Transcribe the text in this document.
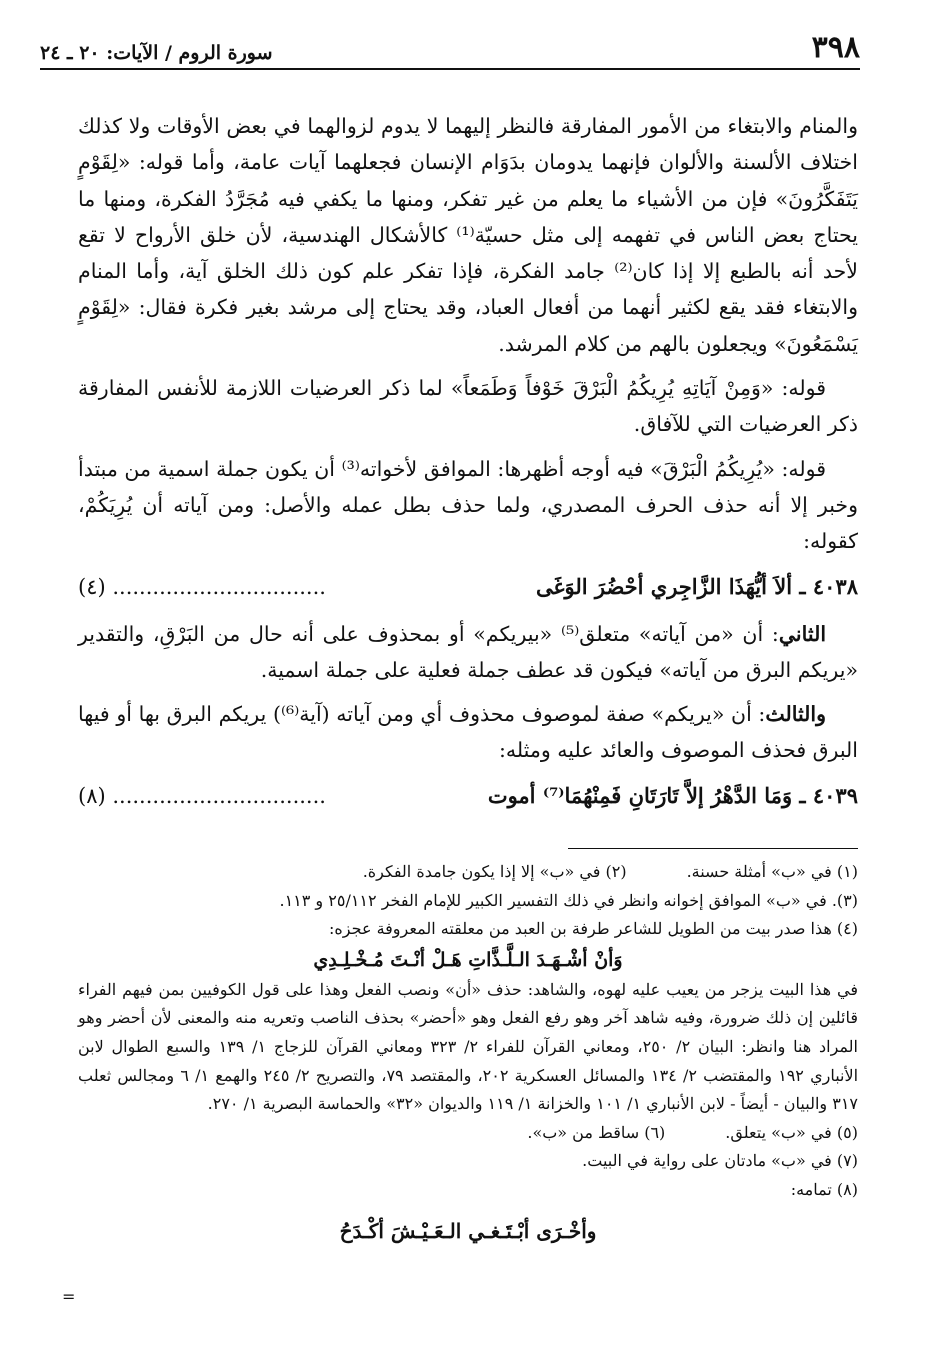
٣٩٨
سورة الروم / الآيات: ٢٠ ـ ٢٤

والمنام والابتغاء من الأمور المفارقة فالنظر إليهما لا يدوم لزوالهما في بعض الأوقات ولا كذلك اختلاف الألسنة والألوان فإنهما يدومان بدَوَام الإنسان فجعلهما آيات عامة، وأما قوله: «لِقَوْمٍ يَتَفَكَّرُونَ» فإن من الأشياء ما يعلم من غير تفكر، ومنها ما يكفي فيه مُجَرَّدُ الفكرة، ومنها ما يحتاج بعض الناس في تفهمه إلى مثل حسيّة⁽¹⁾ كالأشكال الهندسية، لأن خلق الأرواح لا تقع لأحد أنه بالطبع إلا إذا كان⁽²⁾ جامد الفكرة، فإذا تفكر علم كون ذلك الخلق آية، وأما المنام والابتغاء فقد يقع لكثير أنهما من أفعال العباد، وقد يحتاج إلى مرشد بغير فكرة فقال: «لِقَوْمٍ يَسْمَعُونَ» ويجعلون بالهم من كلام المرشد.

قوله: «وَمِنْ آيَاتِهِ يُرِيكُمُ الْبَرْقَ خَوْفاً وَطَمَعاً» لما ذكر العرضيات اللازمة للأنفس المفارقة ذكر العرضيات التي للآفاق.

قوله: «يُرِيكُمُ الْبَرْقَ» فيه أوجه أظهرها: الموافق لأخواته⁽³⁾ أن يكون جملة اسمية من مبتدأ وخبر إلا أنه حذف الحرف المصدري، ولما حذف بطل عمله والأصل: ومن آياته أن يُرِيَكُمْ، كقوله:

٤٠٣٨ ـ ألاَ أيُّهَذَا الزَّاجِري أحْضُرَ الوَغَى
(٤) ................................

الثاني: أن «من آياته» متعلق⁽⁵⁾ «بيريكم» أو بمحذوف على أنه حال من البَرْقِ، والتقدير «يريكم البرق من آياته» فيكون قد عطف جملة فعلية على جملة اسمية.

والثالث: أن «يريكم» صفة لموصوف محذوف أي ومن آياته (آية⁽⁶⁾) يريكم البرق بها أو فيها البرق فحذف الموصوف والعائد عليه ومثله:

٤٠٣٩ ـ وَمَا الدَّهْرُ إلاَّ تَارَتَانِ فَمِنْهُمَا⁽⁷⁾ أموت
(٨) ................................

(١) في «ب» أمثلة حسنة.

(٢) في «ب» إلا إذا يكون جامدة الفكرة.

(٣). في «ب» الموافق إخوانه وانظر في ذلك التفسير الكبير للإمام الفخر ٢٥/١١٢ و ١١٣.

(٤) هذا صدر بيت من الطويل للشاعر طرفة بن العبد من معلقته المعروفة عجزه:

وَأنْ أشْـهَـدَ الـلَّـذَّاتِ هَـلْ أنْـتَ مُـخْـلِـدِي

في هذا البيت يزجر من يعيب عليه لهوه، والشاهد: حذف «أن» ونصب الفعل وهذا على قول الكوفيين بمن فيهم الفراء قائلين إن ذلك ضرورة، وفيه شاهد آخر وهو رفع الفعل وهو «أحضر» بحذف الناصب وتعريه منه والمعنى لأن أحضر وهو المراد هنا وانظر: البيان ٢/ ٢٥٠، ومعاني القرآن للفراء ٢/ ٣٢٣ ومعاني القرآن للزجاج ١/ ١٣٩ والسبع الطوال لابن الأنباري ١٩٢ والمقتضب ٢/ ١٣٤ والمسائل العسكرية ٢٠٢، والمقتصد ٧٩، والتصريح ٢/ ٢٤٥ والهمع ١/ ٦ ومجالس ثعلب ٣١٧ والبيان - أيضاً - لابن الأنباري ١/ ١٠١ والخزانة ١/ ١١٩ والديوان «٣٢» والحماسة البصرية ١/ ٢٧٠.

(٥) في «ب» يتعلق.

(٦) ساقط من «ب».

(٧) في «ب» مادتان على رواية في البيت.

(٨) تمامه:

وأخْـرَى أبْـتَـغـي الـعَـيْـشَ أكْـدَحُ
=
